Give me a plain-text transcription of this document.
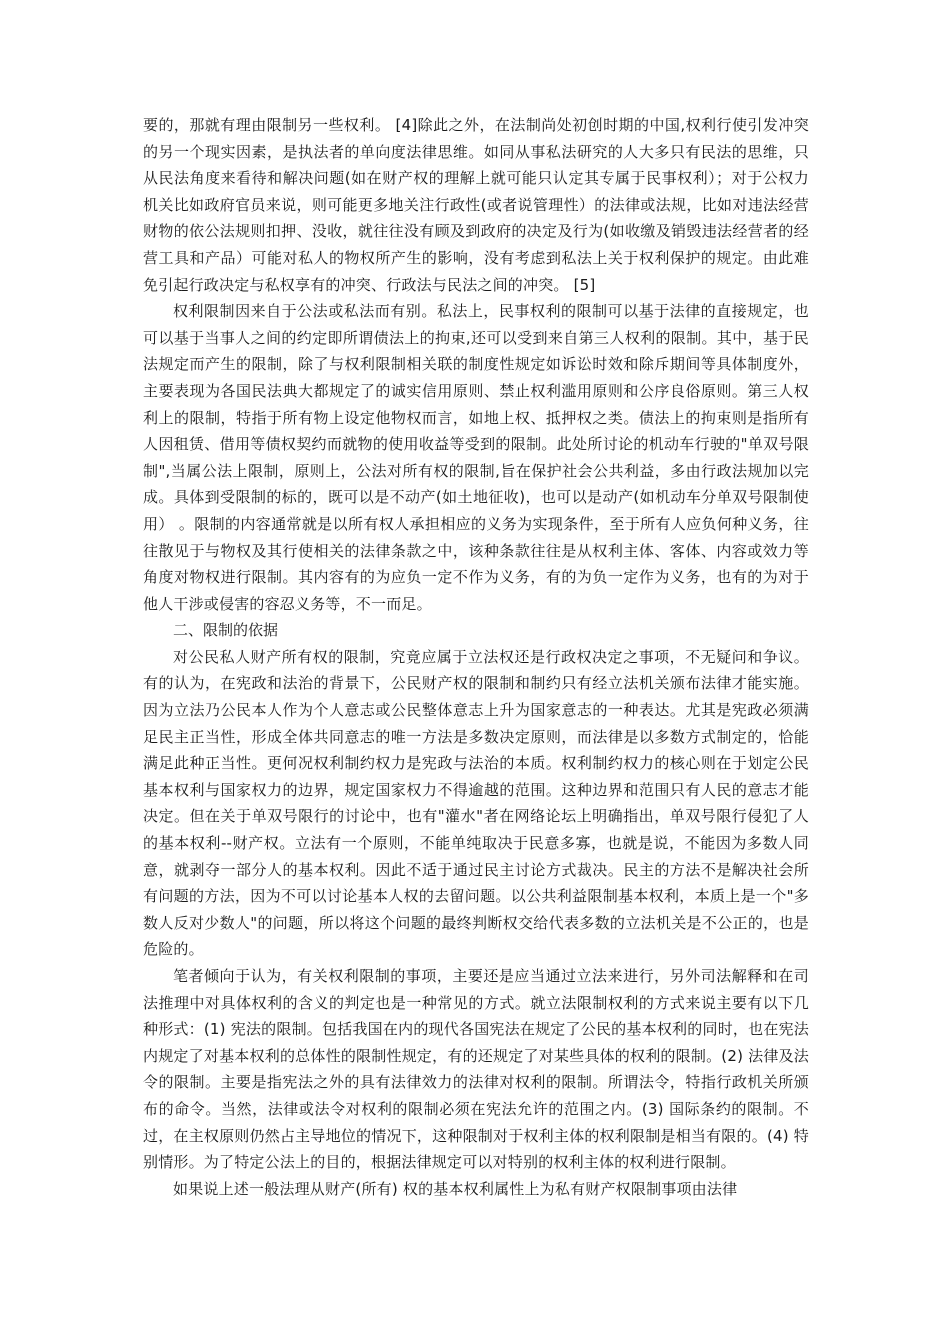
要的，那就有理由限制另一些权利。 [4]除此之外，在法制尚处初创时期的中国,权利行使引发冲突的另一个现实因素，是执法者的单向度法律思维。如同从事私法研究的人大多只有民法的思维，只从民法角度来看待和解决问题(如在财产权的理解上就可能只认定其专属于民事权利）；对于公权力机关比如政府官员来说，则可能更多地关注行政性(或者说管理性）的法律或法规，比如对违法经营财物的依公法规则扣押、没收，就往往没有顾及到政府的决定及行为(如收缴及销毁违法经营者的经营工具和产品）可能对私人的物权所产生的影响，没有考虑到私法上关于权利保护的规定。由此难免引起行政决定与私权享有的冲突、行政法与民法之间的冲突。 [5]

权利限制因来自于公法或私法而有别。私法上，民事权利的限制可以基于法律的直接规定，也可以基于当事人之间的约定即所谓债法上的拘束,还可以受到来自第三人权利的限制。其中，基于民法规定而产生的限制，除了与权利限制相关联的制度性规定如诉讼时效和除斥期间等具体制度外，主要表现为各国民法典大都规定了的诚实信用原则、禁止权利滥用原则和公序良俗原则。第三人权利上的限制，特指于所有物上设定他物权而言，如地上权、抵押权之类。债法上的拘束则是指所有人因租赁、借用等债权契约而就物的使用收益等受到的限制。此处所讨论的机动车行驶的"单双号限制",当属公法上限制，原则上，公法对所有权的限制,旨在保护社会公共利益，多由行政法规加以完成。具体到受限制的标的，既可以是不动产(如土地征收)，也可以是动产(如机动车分单双号限制使用） 。限制的内容通常就是以所有权人承担相应的义务为实现条件，至于所有人应负何种义务，往往散见于与物权及其行使相关的法律条款之中，该种条款往往是从权利主体、客体、内容或效力等角度对物权进行限制。其内容有的为应负一定不作为义务，有的为负一定作为义务，也有的为对于他人干涉或侵害的容忍义务等，不一而足。

二、限制的依据

对公民私人财产所有权的限制，究竟应属于立法权还是行政权决定之事项，不无疑问和争议。有的认为，在宪政和法治的背景下，公民财产权的限制和制约只有经立法机关颁布法律才能实施。因为立法乃公民本人作为个人意志或公民整体意志上升为国家意志的一种表达。尤其是宪政必须满足民主正当性，形成全体共同意志的唯一方法是多数决定原则，而法律是以多数方式制定的，恰能满足此种正当性。更何况权利制约权力是宪政与法治的本质。权利制约权力的核心则在于划定公民基本权利与国家权力的边界，规定国家权力不得逾越的范围。这种边界和范围只有人民的意志才能决定。但在关于单双号限行的讨论中，也有"灌水"者在网络论坛上明确指出，单双号限行侵犯了人的基本权利--财产权。立法有一个原则，不能单纯取决于民意多寡，也就是说，不能因为多数人同意，就剥夺一部分人的基本权利。因此不适于通过民主讨论方式裁决。民主的方法不是解决社会所有问题的方法，因为不可以讨论基本人权的去留问题。以公共利益限制基本权利，本质上是一个"多数人反对少数人"的问题，所以将这个问题的最终判断权交给代表多数的立法机关是不公正的，也是危险的。

笔者倾向于认为，有关权利限制的事项，主要还是应当通过立法来进行，另外司法解释和在司法推理中对具体权利的含义的判定也是一种常见的方式。就立法限制权利的方式来说主要有以下几种形式：(1) 宪法的限制。包括我国在内的现代各国宪法在规定了公民的基本权利的同时，也在宪法内规定了对基本权利的总体性的限制性规定，有的还规定了对某些具体的权利的限制。(2) 法律及法令的限制。主要是指宪法之外的具有法律效力的法律对权利的限制。所谓法令，特指行政机关所颁布的命令。当然，法律或法令对权利的限制必须在宪法允许的范围之内。(3) 国际条约的限制。不过，在主权原则仍然占主导地位的情况下，这种限制对于权利主体的权利限制是相当有限的。(4) 特别情形。为了特定公法上的目的，根据法律规定可以对特别的权利主体的权利进行限制。

如果说上述一般法理从财产(所有) 权的基本权利属性上为私有财产权限制事项由法律
